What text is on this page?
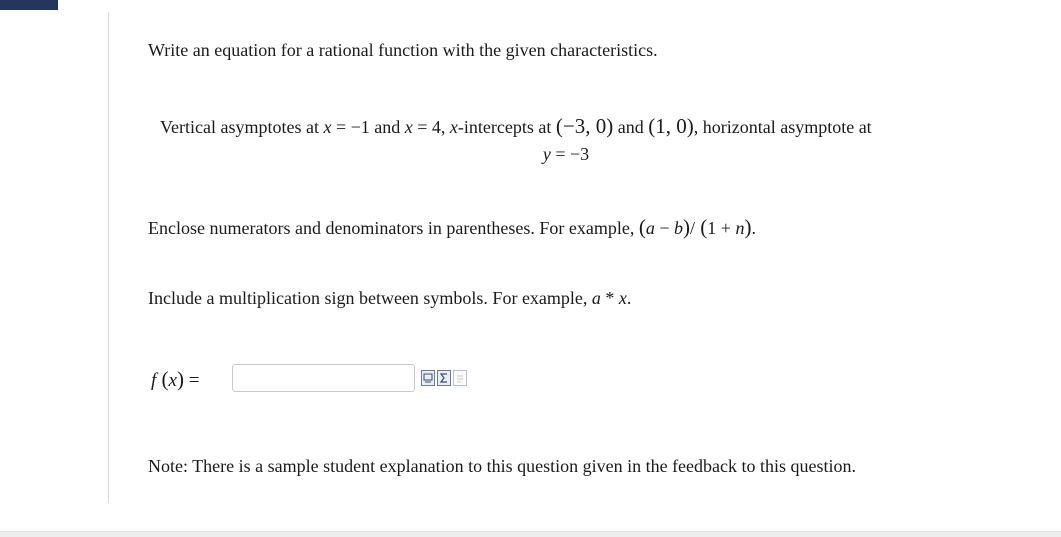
Write an equation for a rational function with the given characteristics.
Vertical asymptotes at x = −1 and x = 4, x-intercepts at (−3, 0) and (1, 0), horizontal asymptote at
y = −3
Enclose numerators and denominators in parentheses. For example, (a − b)/ (1 + n).
Include a multiplication sign between symbols. For example, a * x.
f (x) =
Note: There is a sample student explanation to this question given in the feedback to this question.
